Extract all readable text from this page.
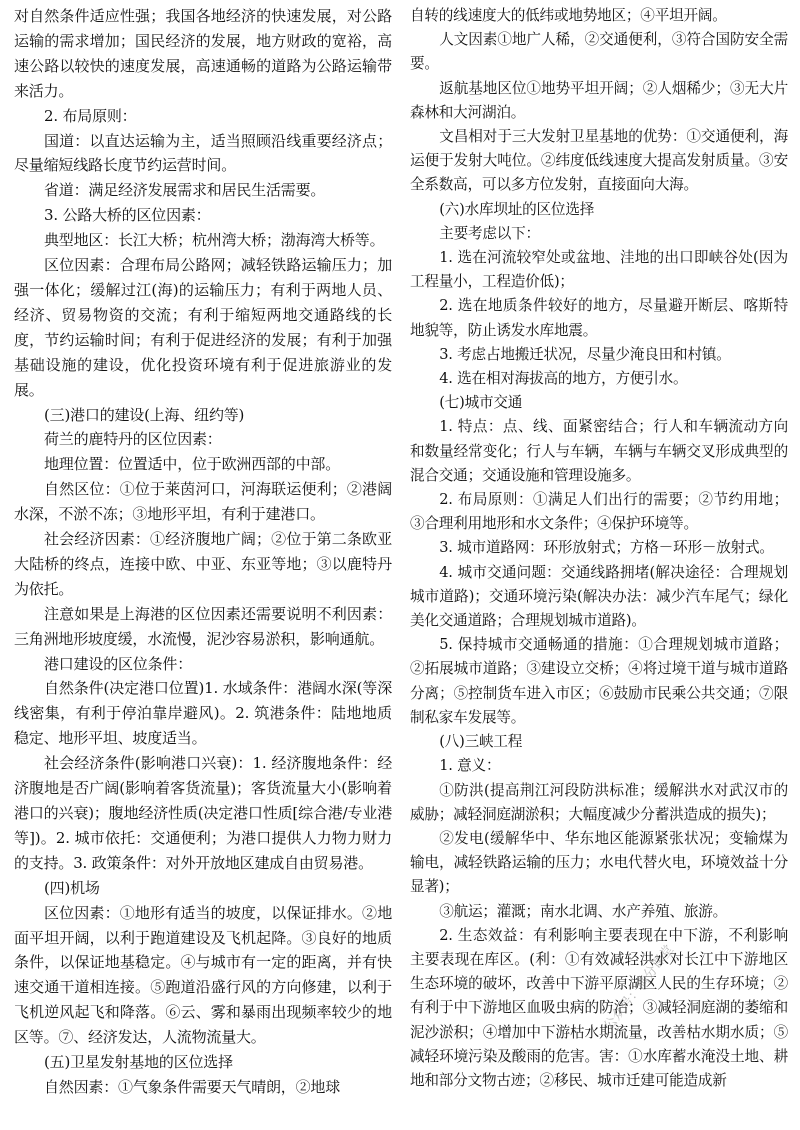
对自然条件适应性强；我国各地经济的快速发展，对公路运输的需求增加；国民经济的发展，地方财政的宽裕，高速公路以较快的速度发展，高速通畅的道路为公路运输带来活力。

2. 布局原则：

国道：以直达运输为主，适当照顾沿线重要经济点；尽量缩短线路长度节约运营时间。

省道：满足经济发展需求和居民生活需要。

3. 公路大桥的区位因素：

典型地区：长江大桥；杭州湾大桥；渤海湾大桥等。

区位因素：合理布局公路网；减轻铁路运输压力；加强一体化；缓解过江(海)的运输压力；有利于两地人员、经济、贸易物资的交流；有利于缩短两地交通路线的长度，节约运输时间；有利于促进经济的发展；有利于加强基础设施的建设，优化投资环境有利于促进旅游业的发展。

(三)港口的建设(上海、纽约等)

荷兰的鹿特丹的区位因素：

地理位置：位置适中，位于欧洲西部的中部。

自然区位：①位于莱茵河口，河海联运便利；②港阔水深，不淤不冻；③地形平坦，有利于建港口。

社会经济因素：①经济腹地广阔；②位于第二条欧亚大陆桥的终点，连接中欧、中亚、东亚等地；③以鹿特丹为依托。

注意如果是上海港的区位因素还需要说明不利因素：三角洲地形坡度缓，水流慢，泥沙容易淤积，影响通航。

港口建设的区位条件：

自然条件(决定港口位置)1. 水域条件：港阔水深(等深线密集，有利于停泊靠岸避风)。2. 筑港条件：陆地地质稳定、地形平坦、坡度适当。

社会经济条件(影响港口兴衰)：1. 经济腹地条件：经济腹地是否广阔(影响着客货流量)；客货流量大小(影响着港口的兴衰)；腹地经济性质(决定港口性质[综合港/专业港等])。2. 城市依托：交通便利；为港口提供人力物力财力的支持。3. 政策条件：对外开放地区建成自由贸易港。

(四)机场

区位因素：①地形有适当的坡度，以保证排水。②地面平坦开阔，以利于跑道建设及飞机起降。③良好的地质条件，以保证地基稳定。④与城市有一定的距离，并有快速交通干道相连接。⑤跑道沿盛行风的方向修建，以利于飞机逆风起飞和降落。⑥云、雾和暴雨出现频率较少的地区等。⑦、经济发达，人流物流量大。

(五)卫星发射基地的区位选择

自然因素：①气象条件需要天气晴朗，②地球

自转的线速度大的低纬或地势地区；④平坦开阔。

人文因素①地广人稀，②交通便利，③符合国防安全需要。

返航基地区位①地势平坦开阔；②人烟稀少；③无大片森林和大河湖泊。

文昌相对于三大发射卫星基地的优势：①交通便利，海运便于发射大吨位。②纬度低线速度大提高发射质量。③安全系数高，可以多方位发射，直接面向大海。

(六)水库坝址的区位选择

主要考虑以下：

1. 选在河流较窄处或盆地、洼地的出口即峡谷处(因为工程量小，工程造价低)；

2. 选在地质条件较好的地方，尽量避开断层、喀斯特地貌等，防止诱发水库地震。

3. 考虑占地搬迁状况，尽量少淹良田和村镇。

4. 选在相对海拔高的地方，方便引水。

(七)城市交通

1. 特点：点、线、面紧密结合；行人和车辆流动方向和数量经常变化；行人与车辆，车辆与车辆交叉形成典型的混合交通；交通设施和管理设施多。

2. 布局原则：①满足人们出行的需要；②节约用地；③合理利用地形和水文条件；④保护环境等。

3. 城市道路网：环形放射式；方格－环形－放射式。

4. 城市交通问题：交通线路拥堵(解决途径：合理规划城市道路)；交通环境污染(解决办法：减少汽车尾气；绿化美化交通道路；合理规划城市道路)。

5. 保持城市交通畅通的措施：①合理规划城市道路；②拓展城市道路；③建设立交桥；④将过境干道与城市道路分离；⑤控制货车进入市区；⑥鼓励市民乘公共交通；⑦限制私家车发展等。

(八)三峡工程

1. 意义：

①防洪(提高荆江河段防洪标准；缓解洪水对武汉市的威胁；减轻洞庭湖淤积；大幅度减少分蓄洪造成的损失)；

②发电(缓解华中、华东地区能源紧张状况；变输煤为输电，减轻铁路运输的压力；水电代替火电，环境效益十分显著)；

③航运；灌溉；南水北调、水产养殖、旅游。

2. 生态效益：有利影响主要表现在中下游，不利影响主要表现在库区。(利：①有效减轻洪水对长江中下游地区生态环境的破坏，改善中下游平原湖区人民的生存环境；②有利于中下游地区血吸虫病的防治；③减轻洞庭湖的萎缩和泥沙淤积；④增加中下游枯水期流量，改善枯水期水质；⑤减轻环境污染及酸雨的危害。害：①水库蓄水淹没土地、耕地和部分文物古迹；②移民、城市迁建可能造成新

公众号：满分课堂
